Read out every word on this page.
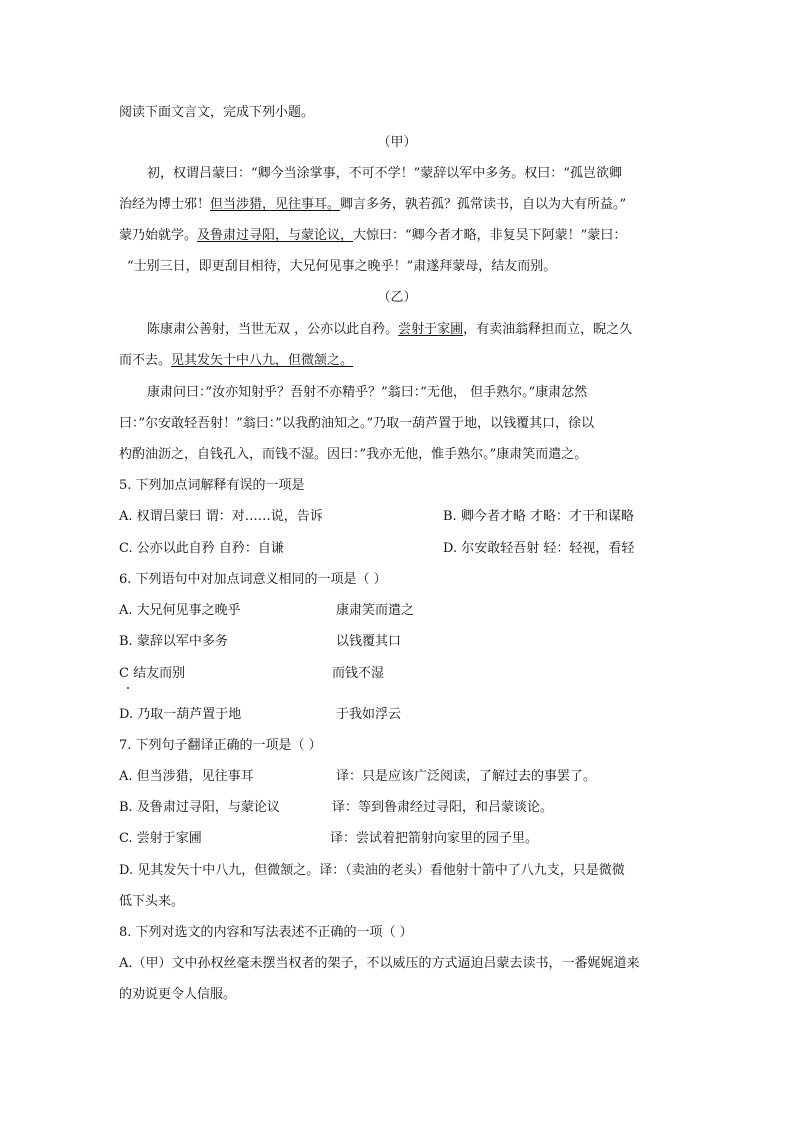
阅读下面文言文，完成下列小题。
（甲）
初，权谓吕蒙曰：“卿今当涂掌事，不可不学！”蒙辞以军中多务。权曰：“孤岂欲卿
治经为博士邪！但当涉猎，见往事耳。卿言多务，孰若孤？孤常读书，自以为大有所益。”
蒙乃始就学。及鲁肃过寻阳，与蒙论议，大惊曰：“卿今者才略，非复吴下阿蒙！”蒙曰：
“士别三日，即更刮目相待，大兄何见事之晚乎！”肃遂拜蒙母，结友而别。
（乙）
陈康肃公善射，当世无双 ，公亦以此自矜。尝射于家圃，有卖油翁释担而立，睨之久
而不去。见其发矢十中八九，但微颔之。
康肃问曰：”汝亦知射乎？吾射不亦精乎？”翁曰：”无他， 但手熟尔。”康肃忿然
曰：”尔安敢轻吾射！”翁曰：”以我酌油知之。”乃取一葫芦置于地，以钱覆其口，徐以
杓酌油沥之，自钱孔入，而钱不湿。因曰：”我亦无他，惟手熟尔。”康肃笑而遣之。
5. 下列加点词解释有误的一项是
A. 权谓吕蒙曰 谓：对……说，告诉	B. 卿今者才略 才略：才干和谋略
C. 公亦以此自矜 自矜：自谦	D. 尔安敢轻吾射 轻：轻视，看轻
6. 下列语句中对加点词意义相同的一项是（ ）
A. 大兄何见事之晚乎	康肃笑而遣之
B. 蒙辞以军中多务	以钱覆其口
C 结友而别	而钱不湿
D. 乃取一葫芦置于地	于我如浮云
7. 下列句子翻译正确的一项是（ ）
A. 但当涉猎，见往事耳	译：只是应该广泛阅读，了解过去的事罢了。
B. 及鲁肃过寻阳，与蒙论议	译：等到鲁肃经过寻阳，和吕蒙谈论。
C. 尝射于家圃	译：尝试着把箭射向家里的园子里。
D. 见其发矢十中八九，但微颔之。译：（卖油的老头）看他射十箭中了八九支，只是微微
低下头来。
8. 下列对选文的内容和写法表述不正确的一项（ ）
A.（甲）文中孙权丝毫未摆当权者的架子，不以威压的方式逼迫吕蒙去读书，一番娓娓道来
的劝说更令人信服。
